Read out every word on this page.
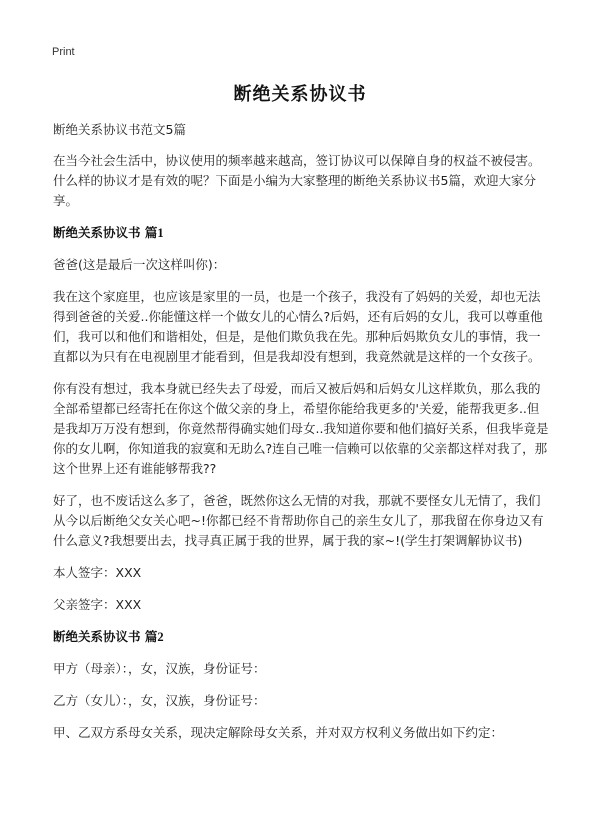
Print
断绝关系协议书

断绝关系协议书范文5篇

在当今社会生活中，协议使用的频率越来越高，签订协议可以保障自身的权益不被侵害。什么样的协议才是有效的呢？下面是小编为大家整理的断绝关系协议书5篇，欢迎大家分享。

断绝关系协议书 篇1

爸爸(这是最后一次这样叫你)：

我在这个家庭里，也应该是家里的一员，也是一个孩子，我没有了妈妈的关爱，却也无法得到爸爸的关爱..你能懂这样一个做女儿的心情么?后妈，还有后妈的女儿，我可以尊重他们，我可以和他们和谐相处，但是，是他们欺负我在先。那种后妈欺负女儿的事情，我一直都以为只有在电视剧里才能看到，但是我却没有想到，我竟然就是这样的一个女孩子。

你有没有想过，我本身就已经失去了母爱，而后又被后妈和后妈女儿这样欺负，那么我的全部希望都已经寄托在你这个做父亲的身上，希望你能给我更多的'关爱，能帮我更多..但是我却万万没有想到，你竟然帮得确实她们母女..我知道你要和他们搞好关系，但我毕竟是你的女儿啊，你知道我的寂寞和无助么?连自己唯一信赖可以依靠的父亲都这样对我了，那这个世界上还有谁能够帮我??

好了，也不废话这么多了，爸爸，既然你这么无情的对我，那就不要怪女儿无情了，我们从今以后断绝父女关心吧~!你都已经不肯帮助你自己的亲生女儿了，那我留在你身边又有什么意义?我想要出去，找寻真正属于我的世界，属于我的家~!(学生打架调解协议书)

本人签字：XXX

父亲签字：XXX

断绝关系协议书 篇2

甲方（母亲）：，女，汉族，身份证号：

乙方（女儿）：，女，汉族，身份证号：

甲、乙双方系母女关系，现决定解除母女关系，并对双方权利义务做出如下约定：
